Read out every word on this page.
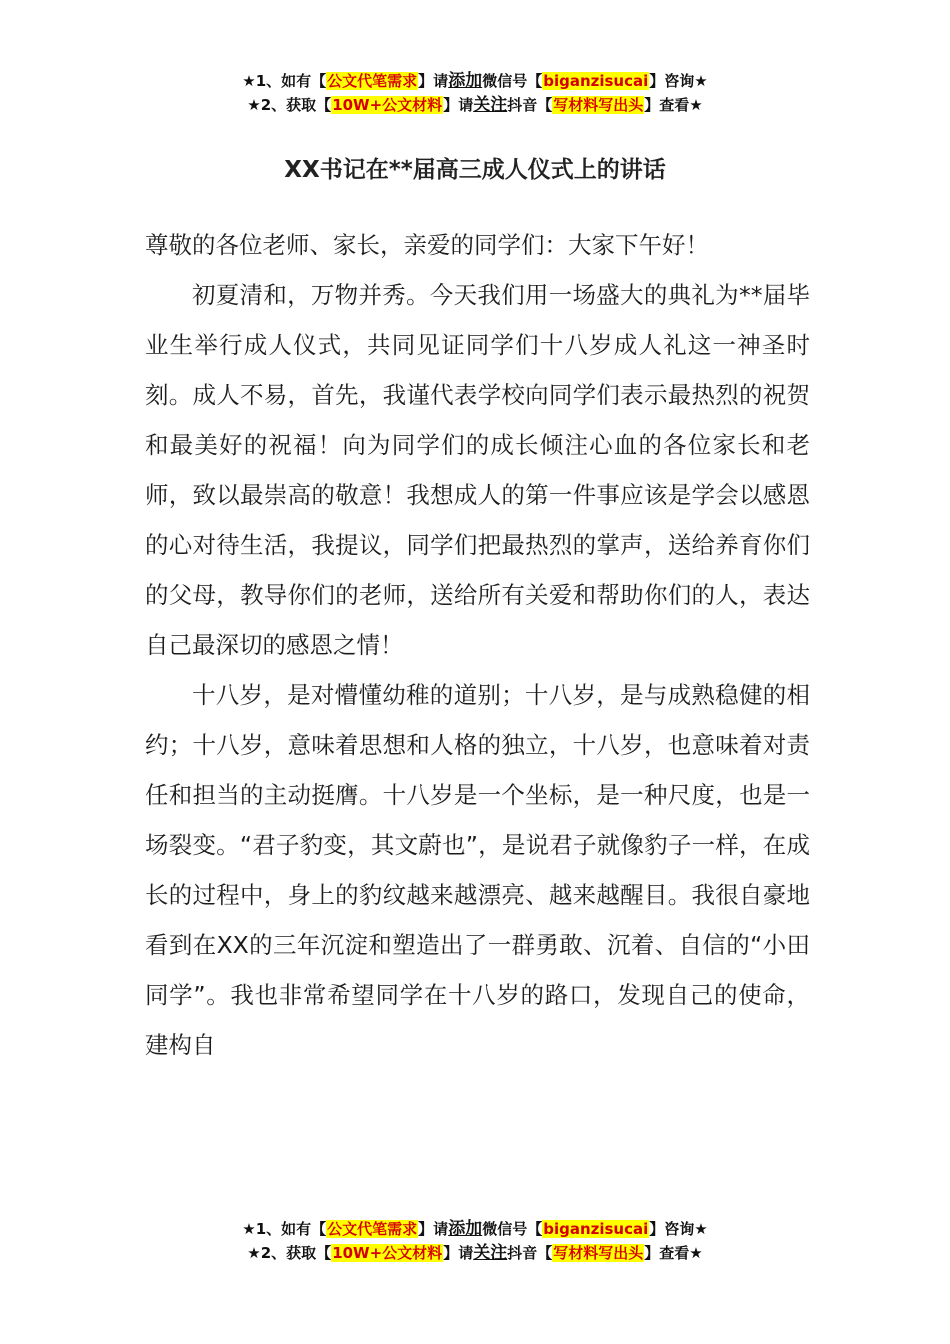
★1、如有【公文代笔需求】请添加微信号【biganzisucai】咨询★
★2、获取【10W+公文材料】请关注抖音【写材料写出头】查看★
XX书记在**届高三成人仪式上的讲话

尊敬的各位老师、家长，亲爱的同学们：大家下午好！

初夏清和，万物并秀。今天我们用一场盛大的典礼为**届毕业生举行成人仪式，共同见证同学们十八岁成人礼这一神圣时刻。成人不易，首先，我谨代表学校向同学们表示最热烈的祝贺和最美好的祝福！向为同学们的成长倾注心血的各位家长和老师，致以最崇高的敬意！我想成人的第一件事应该是学会以感恩的心对待生活，我提议，同学们把最热烈的掌声，送给养育你们的父母，教导你们的老师，送给所有关爱和帮助你们的人，表达自己最深切的感恩之情！

十八岁，是对懵懂幼稚的道别；十八岁，是与成熟稳健的相约；十八岁，意味着思想和人格的独立，十八岁，也意味着对责任和担当的主动挺膺。十八岁是一个坐标，是一种尺度，也是一场裂变。“君子豹变，其文蔚也”，是说君子就像豹子一样，在成长的过程中，身上的豹纹越来越漂亮、越来越醒目。我很自豪地看到在XX的三年沉淀和塑造出了一群勇敢、沉着、自信的“小田同学”。我也非常希望同学在十八岁的路口，发现自己的使命，建构自

★1、如有【公文代笔需求】请添加微信号【biganzisucai】咨询★
★2、获取【10W+公文材料】请关注抖音【写材料写出头】查看★
